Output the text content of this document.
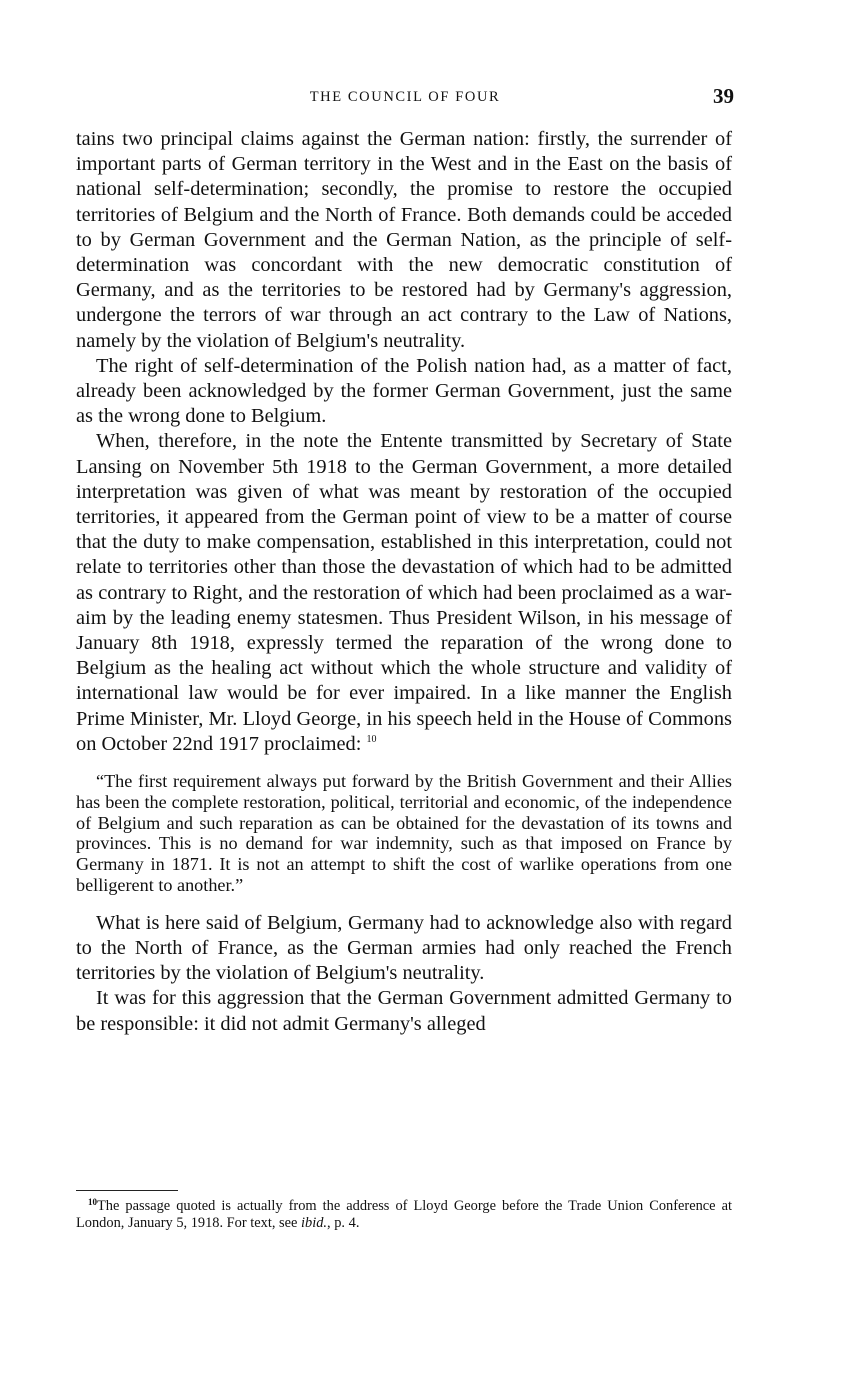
THE COUNCIL OF FOUR	39

tains two principal claims against the German nation: firstly, the surrender of important parts of German territory in the West and in the East on the basis of national self-determination; secondly, the promise to restore the occupied territories of Belgium and the North of France. Both demands could be acceded to by German Government and the German Nation, as the principle of self-determination was concordant with the new democratic constitution of Germany, and as the territories to be restored had by Germany's aggression, undergone the terrors of war through an act contrary to the Law of Nations, namely by the violation of Belgium's neutrality.

The right of self-determination of the Polish nation had, as a matter of fact, already been acknowledged by the former German Government, just the same as the wrong done to Belgium.

When, therefore, in the note the Entente transmitted by Secretary of State Lansing on November 5th 1918 to the German Government, a more detailed interpretation was given of what was meant by restoration of the occupied territories, it appeared from the German point of view to be a matter of course that the duty to make compensation, established in this interpretation, could not relate to territories other than those the devastation of which had to be admitted as contrary to Right, and the restoration of which had been proclaimed as a war-aim by the leading enemy statesmen. Thus President Wilson, in his message of January 8th 1918, expressly termed the reparation of the wrong done to Belgium as the healing act without which the whole structure and validity of international law would be for ever impaired. In a like manner the English Prime Minister, Mr. Lloyd George, in his speech held in the House of Commons on October 22nd 1917 proclaimed: $^{10}$

“The first requirement always put forward by the British Government and their Allies has been the complete restoration, political, territorial and economic, of the independence of Belgium and such reparation as can be obtained for the devastation of its towns and provinces. This is no demand for war indemnity, such as that imposed on France by Germany in 1871. It is not an attempt to shift the cost of warlike operations from one belligerent to another.”

What is here said of Belgium, Germany had to acknowledge also with regard to the North of France, as the German armies had only reached the French territories by the violation of Belgium's neutrality.

It was for this aggression that the German Government admitted Germany to be responsible: it did not admit Germany's alleged

$^{10}$The passage quoted is actually from the address of Lloyd George before the Trade Union Conference at London, January 5, 1918. For text, see ibid., p. 4.
